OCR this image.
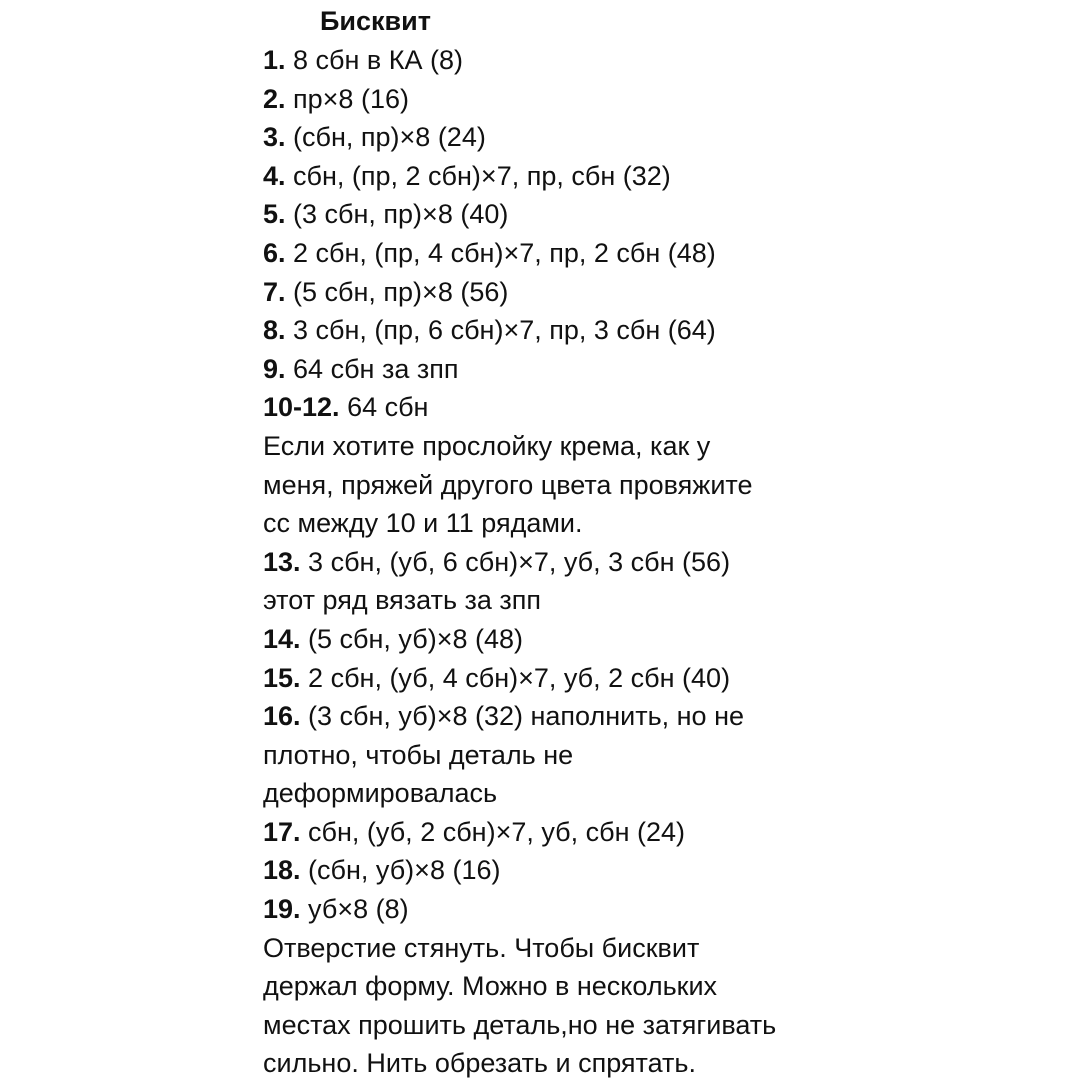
Бисквит
1. 8 сбн в КА (8)
2. пр×8 (16)
3. (сбн, пр)×8 (24)
4. сбн, (пр, 2 сбн)×7, пр, сбн (32)
5. (3 сбн, пр)×8 (40)
6. 2 сбн, (пр, 4 сбн)×7, пр, 2 сбн (48)
7. (5 сбн, пр)×8 (56)
8. 3 сбн, (пр, 6 сбн)×7, пр, 3 сбн (64)
9. 64 сбн за зпп
10-12. 64 сбн
Если хотите прослойку крема, как у
меня, пряжей другого цвета провяжите
сс между 10 и 11 рядами.
13. 3 сбн, (уб, 6 сбн)×7, уб, 3 сбн (56)
этот ряд вязать за зпп
14. (5 сбн, уб)×8 (48)
15. 2 сбн, (уб, 4 сбн)×7, уб, 2 сбн (40)
16. (3 сбн, уб)×8 (32) наполнить, но не
плотно, чтобы деталь не
деформировалась
17. сбн, (уб, 2 сбн)×7, уб, сбн (24)
18. (сбн, уб)×8 (16)
19. уб×8 (8)
Отверстие стянуть. Чтобы бисквит
держал форму. Можно в нескольких
местах прошить деталь,но не затягивать
сильно. Нить обрезать и спрятать.
